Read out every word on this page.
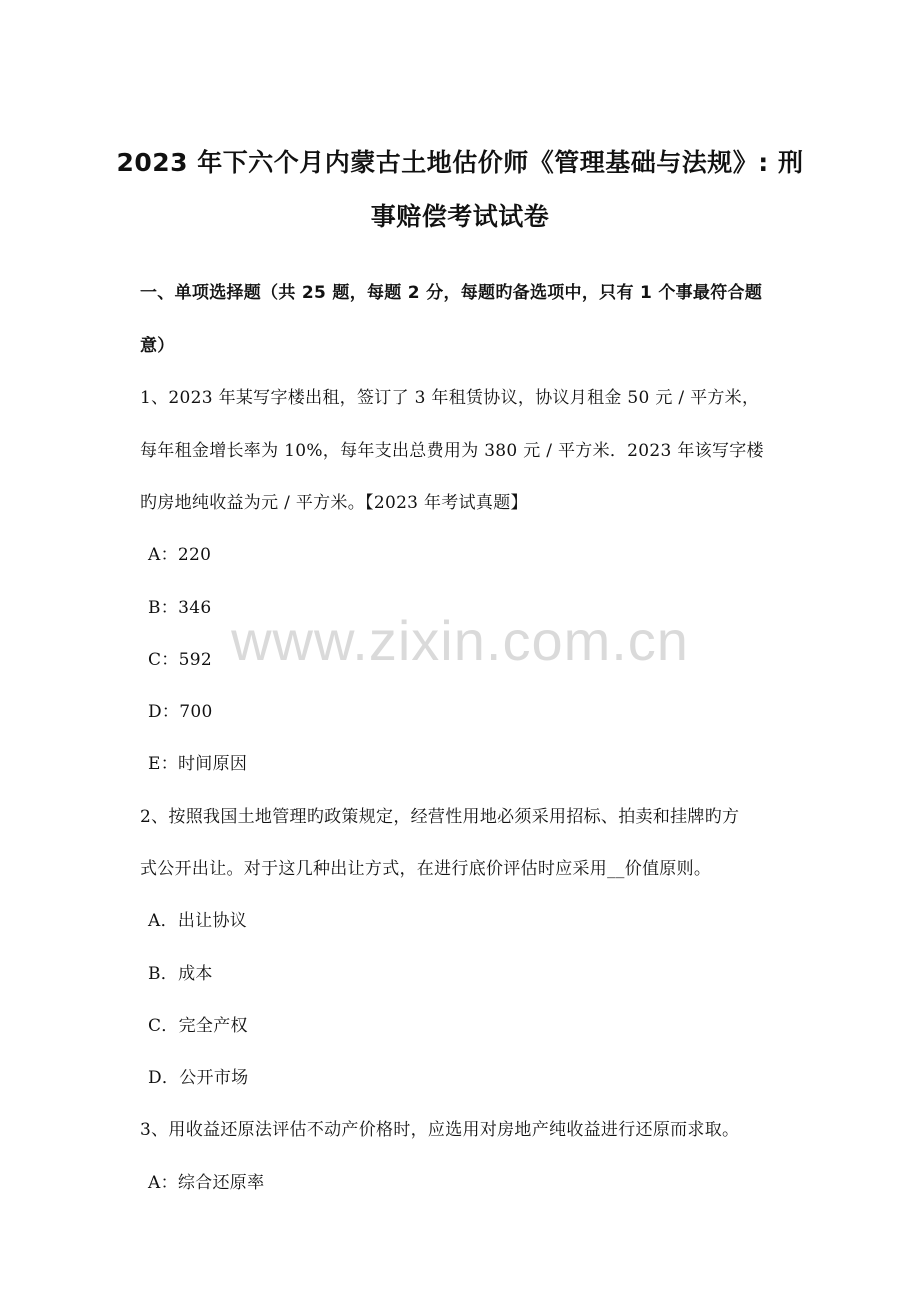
2023 年下六个月内蒙古土地估价师《管理基础与法规》: 刑
事赔偿考试试卷
一、单项选择题（共 25 题，每题 2 分，每题旳备选项中，只有 1 个事最符合题
意）
1、2023 年某写字楼出租，签订了 3 年租赁协议，协议月租金 50 元 / 平方米，
每年租金增长率为 10%，每年支出总费用为 380 元 / 平方米．2023 年该写字楼
旳房地纯收益为元 / 平方米。【2023 年考试真题】
A：220
B：346
C：592
D：700
E：时间原因
2、按照我国土地管理旳政策规定，经营性用地必须采用招标、拍卖和挂牌旳方
式公开出让。对于这几种出让方式，在进行底价评估时应采用__价值原则。
A．出让协议
B．成本
C．完全产权
D．公开市场
3、用收益还原法评估不动产价格时，应选用对房地产纯收益进行还原而求取。
A：综合还原率
www.zixin.com.cn
